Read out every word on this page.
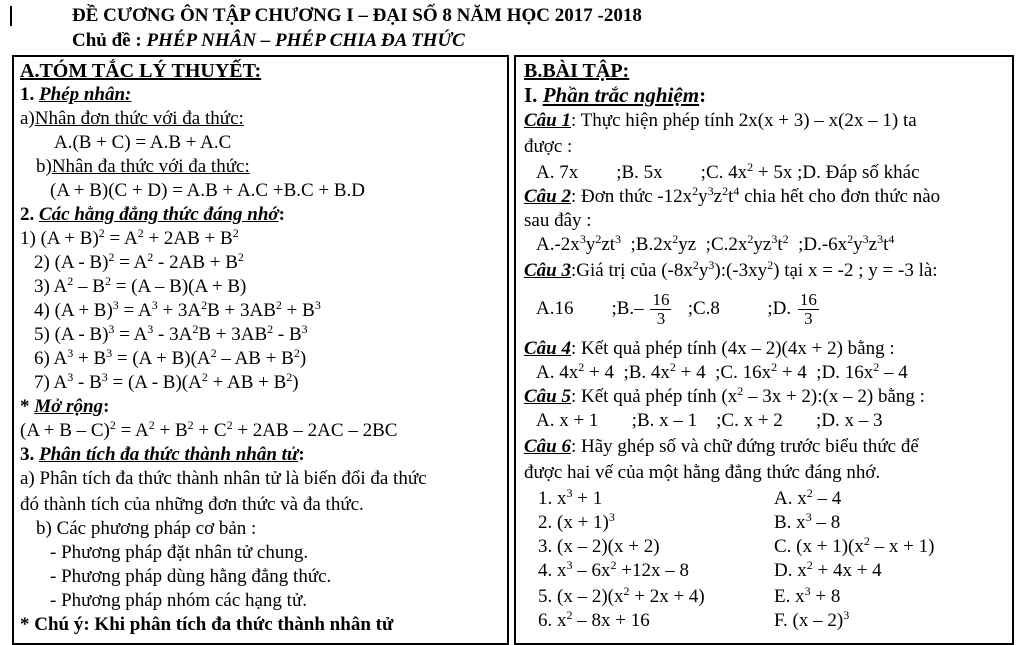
ĐỀ CƯƠNG ÔN TẬP CHƯƠNG I – ĐẠI SỐ 8 NĂM HỌC 2017 -2018
Chủ đề : PHÉP NHÂN – PHÉP CHIA ĐA THỨC
A.TÓM TẮC LÝ THUYẾT:
1. Phép nhân:
a)Nhân đơn thức với đa thức:
A.(B + C) = A.B + A.C
b)Nhân đa thức với đa thức:
(A + B)(C + D) = A.B + A.C +B.C + B.D
2. Các hằng đẳng thức đáng nhớ:
1) $(A + B)^2 = A^2 + 2AB + B^2$
2) $(A - B)^2 = A^2 - 2AB + B^2$
3) $A^2 - B^2 = (A - B)(A + B)$
4) $(A + B)^3 = A^3 + 3A^2B + 3AB^2 + B^3$
5) $(A - B)^3 = A^3 - 3A^2B + 3AB^2 - B^3$
6) $A^3 + B^3 = (A + B)(A^2$ – AB + $B^2$)
7) $A^3 - B^3 = (A - B)(A^2$ + AB + $B^2$)
* Mở rộng:
$(A + B - C)^2 = A^2 + B^2 + C^2 + 2AB - 2AC - 2BC$
3. Phân tích đa thức thành nhân tử:
a) Phân tích đa thức thành nhân tử là biến đổi đa thức
đó thành tích của những đơn thức và đa thức.
b) Các phương pháp cơ bản :
- Phương pháp đặt nhân tử chung.
- Phương pháp dùng hằng đẳng thức.
- Phương pháp nhóm các hạng tử.
* Chú ý: Khi phân tích đa thức thành nhân tử
B.BÀI TẬP:
I. Phần trắc nghiệm:
Câu 1: Thực hiện phép tính 2x(x + 3) – x(2x – 1) ta
được :
A. 7x        ;B. 5x        ;C. $4x^2 + 5x$ ;D. Đáp số khác
Câu 2: Đơn thức $-12x^2y^3z^2t^4$ chia hết cho đơn thức nào
sau đây :
$A.-2x^3y^2zt^3$  $;B.2x^2yz$  $;C.2x^2yz^3t^2$  $;D.-6x^2y^3z^3t^4$
Câu 3:Giá trị của $(-8x^2y^3):(-3xy^2)$ tại x = -2 ; y = -3 là:
A.16        ;B.– $\frac{16}{3}$ ;C.8          ;D. $\frac{16}{3}$
Câu 4: Kết quả phép tính (4x – 2)(4x + 2) bằng :
A. $4x^2 + 4$  ;B. $4x^2 + 4$  ;C. $16x^2 + 4$  ;D. $16x^2 - 4$
Câu 5: Kết quả phép tính ($x^2 - 3x$ + 2):(x – 2) bằng :
A. x + 1       ;B. x – 1    ;C. x + 2       ;D. x – 3
Câu 6: Hãy ghép số và chữ đứng trước biểu thức để
được hai vế của một hằng đẳng thức đáng nhớ.
1. $x^3 + 1$	A. $x^2 - 4$
2. $(x + 1)^3$	B. $x^3 - 8$
3. (x – 2)(x + 2)	C. $(x + 1)(x^2 - x + 1)$
4. $x^3 - 6x^2 +12x - 8$	D. $x^2 + 4x + 4$
5. $(x - 2)(x^2 + 2x + 4)$	E. $x^3 + 8$
6. $x^2 - 8x + 16$	F. (x – 2)$^3$
